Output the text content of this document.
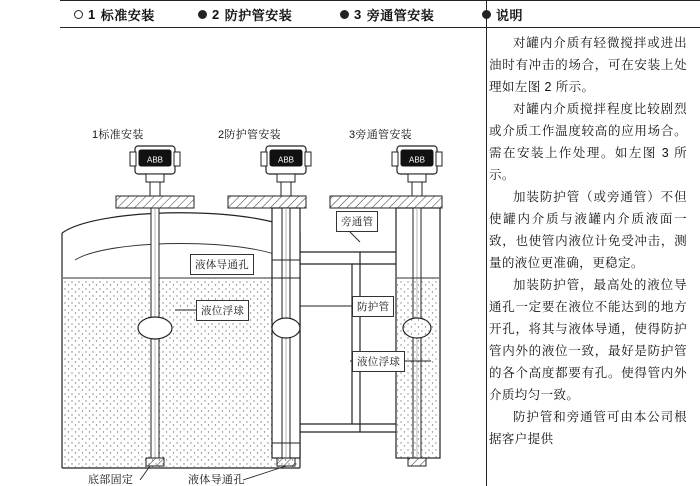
1 标准安装	2 防护管安装	3 旁通管安装	说明

对罐内介质有轻微搅拌或进出油时有冲击的场合，可在安装上处理如左图 2 所示。

对罐内介质搅拌程度比较剧烈或介质工作温度较高的应用场合。需在安装上作处理。如左图 3 所示。

加装防护管（或旁通管）不但使罐内介质与液罐内介质液面一致，也使管内液位计免受冲击，测量的液位更准确，更稳定。

加装防护管，最高处的液位导通孔一定要在液位不能达到的地方开孔，将其与液体导通，使得防护管内外的液位一致，最好是防护管的各个高度都要有孔。使得管内外介质均匀一致。

防护管和旁通管可由本公司根据客户提供

ABB	ABB	ABB
1标准安装	2防护管安装	3旁通管安装
旁通管
液体导通孔
液位浮球	防护管
液位浮球
底部固定	液体导通孔
